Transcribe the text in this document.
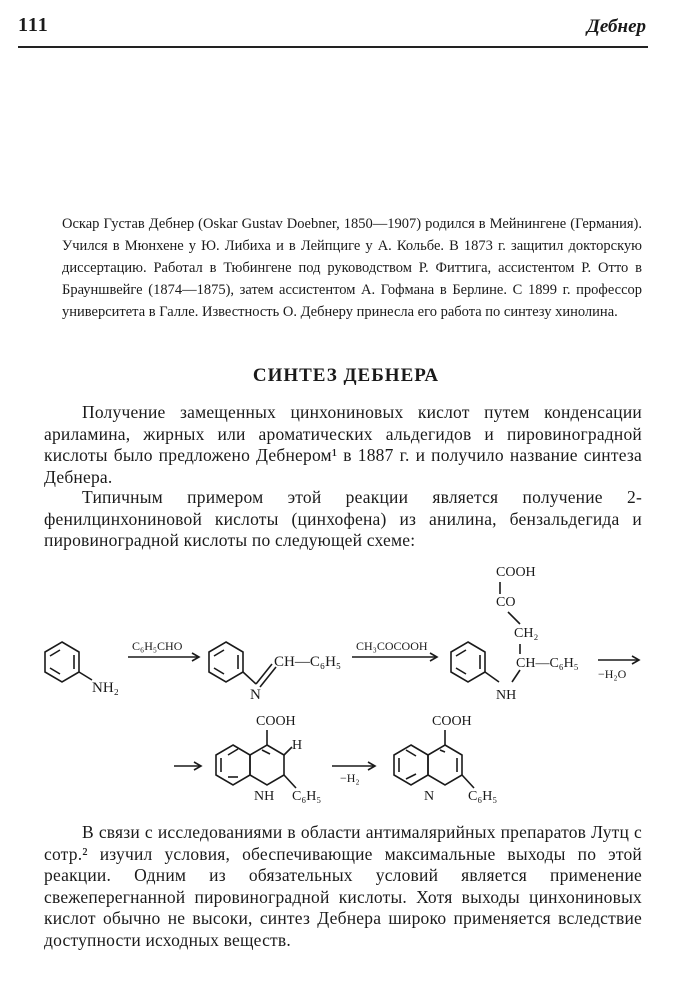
111	Дебнер
Оскар Густав Дебнер (Oskar Gustav Doebner, 1850—1907) родился в Мейнингене (Германия). Учился в Мюнхене у Ю. Либиха и в Лейпциге у А. Кольбе. В 1873 г. защитил докторскую диссертацию. Работал в Тюбингене под руководством Р. Фиттига, ассистентом Р. Отто в Брауншвейге (1874—1875), затем ассистентом А. Гофмана в Берлине. С 1899 г. профессор университета в Галле. Известность О. Дебнеру принесла его работа по синтезу хинолина.
СИНТЕЗ ДЕБНЕРА
Получение замещенных цинхониновых кислот путем конденсации ариламина, жирных или ароматических альдегидов и пировиноградной кислоты было предложено Дебнером¹ в 1887 г. и получило название синтеза Дебнера.
Типичным примером этой реакции является получение 2-фенилцинхониновой кислоты (цинхофена) из анилина, бензальдегида и пировиноградной кислоты по следующей схеме:
NH₂
C₆H₅CHO
N
CH—C₆H₅
CH₃COCOOH
COOH
CO
CH₂
CH—C₆H₅
NH
−H₂O
COOH
H
NH C₆H₅
−H₂
COOH
N C₆H₅
В связи с исследованиями в области антималярийных препаратов Лутц с сотр.² изучил условия, обеспечивающие максимальные выходы по этой реакции. Одним из обязательных условий является применение свежеперегнанной пировиноградной кислоты. Хотя выходы цинхониновых кислот обычно не высоки, синтез Дебнера широко применяется вследствие доступности исходных веществ.
